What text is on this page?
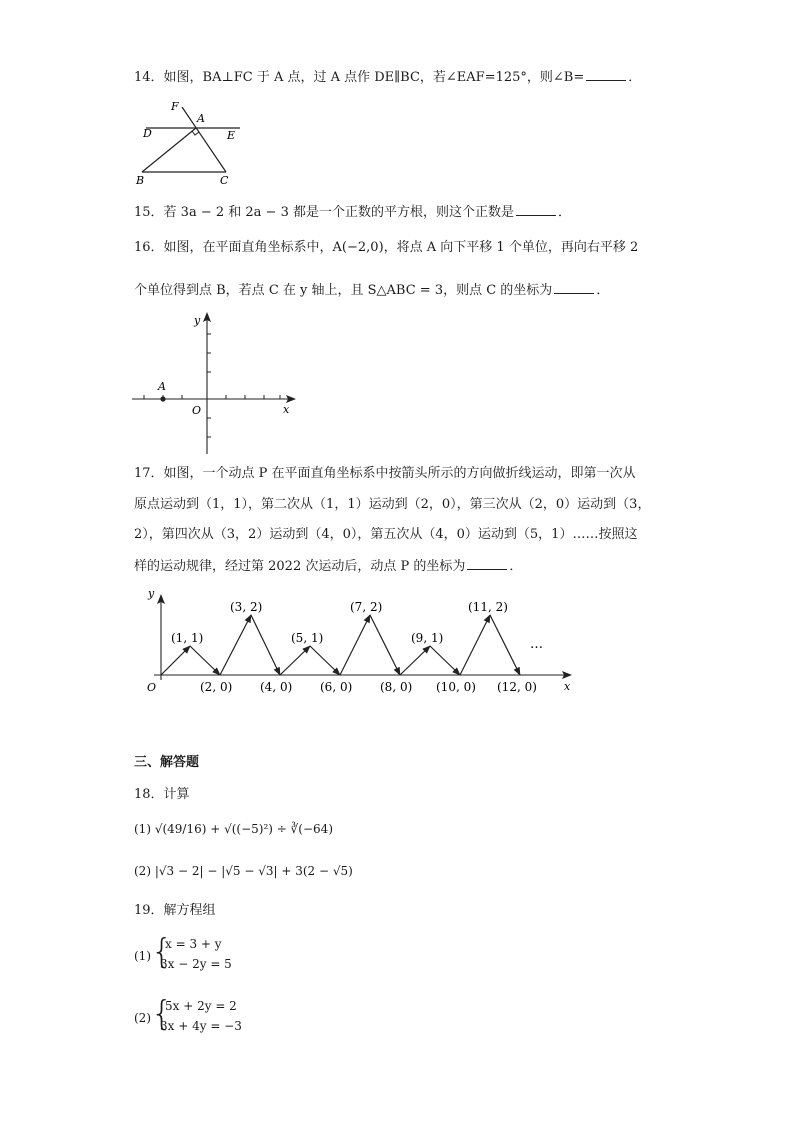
14．如图，BA⊥FC 于 A 点，过 A 点作 DE∥BC，若∠EAF=125°，则∠B=	．
F
A
D	E
B	C
15．若 3a − 2 和 2a − 3 都是一个正数的平方根，则这个正数是	．
16．如图，在平面直角坐标系中，A(−2,0)，将点 A 向下平移 1 个单位，再向右平移 2
个单位得到点 B，若点 C 在 y 轴上，且 S△ABC = 3，则点 C 的坐标为	．
A
O
y
x
17．如图，一个动点 P 在平面直角坐标系中按箭头所示的方向做折线运动，即第一次从
原点运动到（1，1），第二次从（1，1）运动到（2，0），第三次从（2，0）运动到（3，
2），第四次从（3，2）运动到（4，0），第五次从（4，0）运动到（5，1）……按照这
样的运动规律，经过第 2022 次运动后，动点 P 的坐标为	．
y
x
O
(1, 1)
(3, 2)
(5, 1)
(7, 2)
(9, 1)
(11, 2)
…
(2, 0) (4, 0) (6, 0) (8, 0) (10, 0) (12, 0)
三、解答题
18．计算
(1) √(49/16) + √((−5)²) ÷ ∛(−64)
(2) |√3 − 2| − |√5 − √3| + 3(2 − √5)
19．解方程组
(1) {
x = 3 + y
3x − 2y = 5
(2) {
5x + 2y = 2
3x + 4y = −3
